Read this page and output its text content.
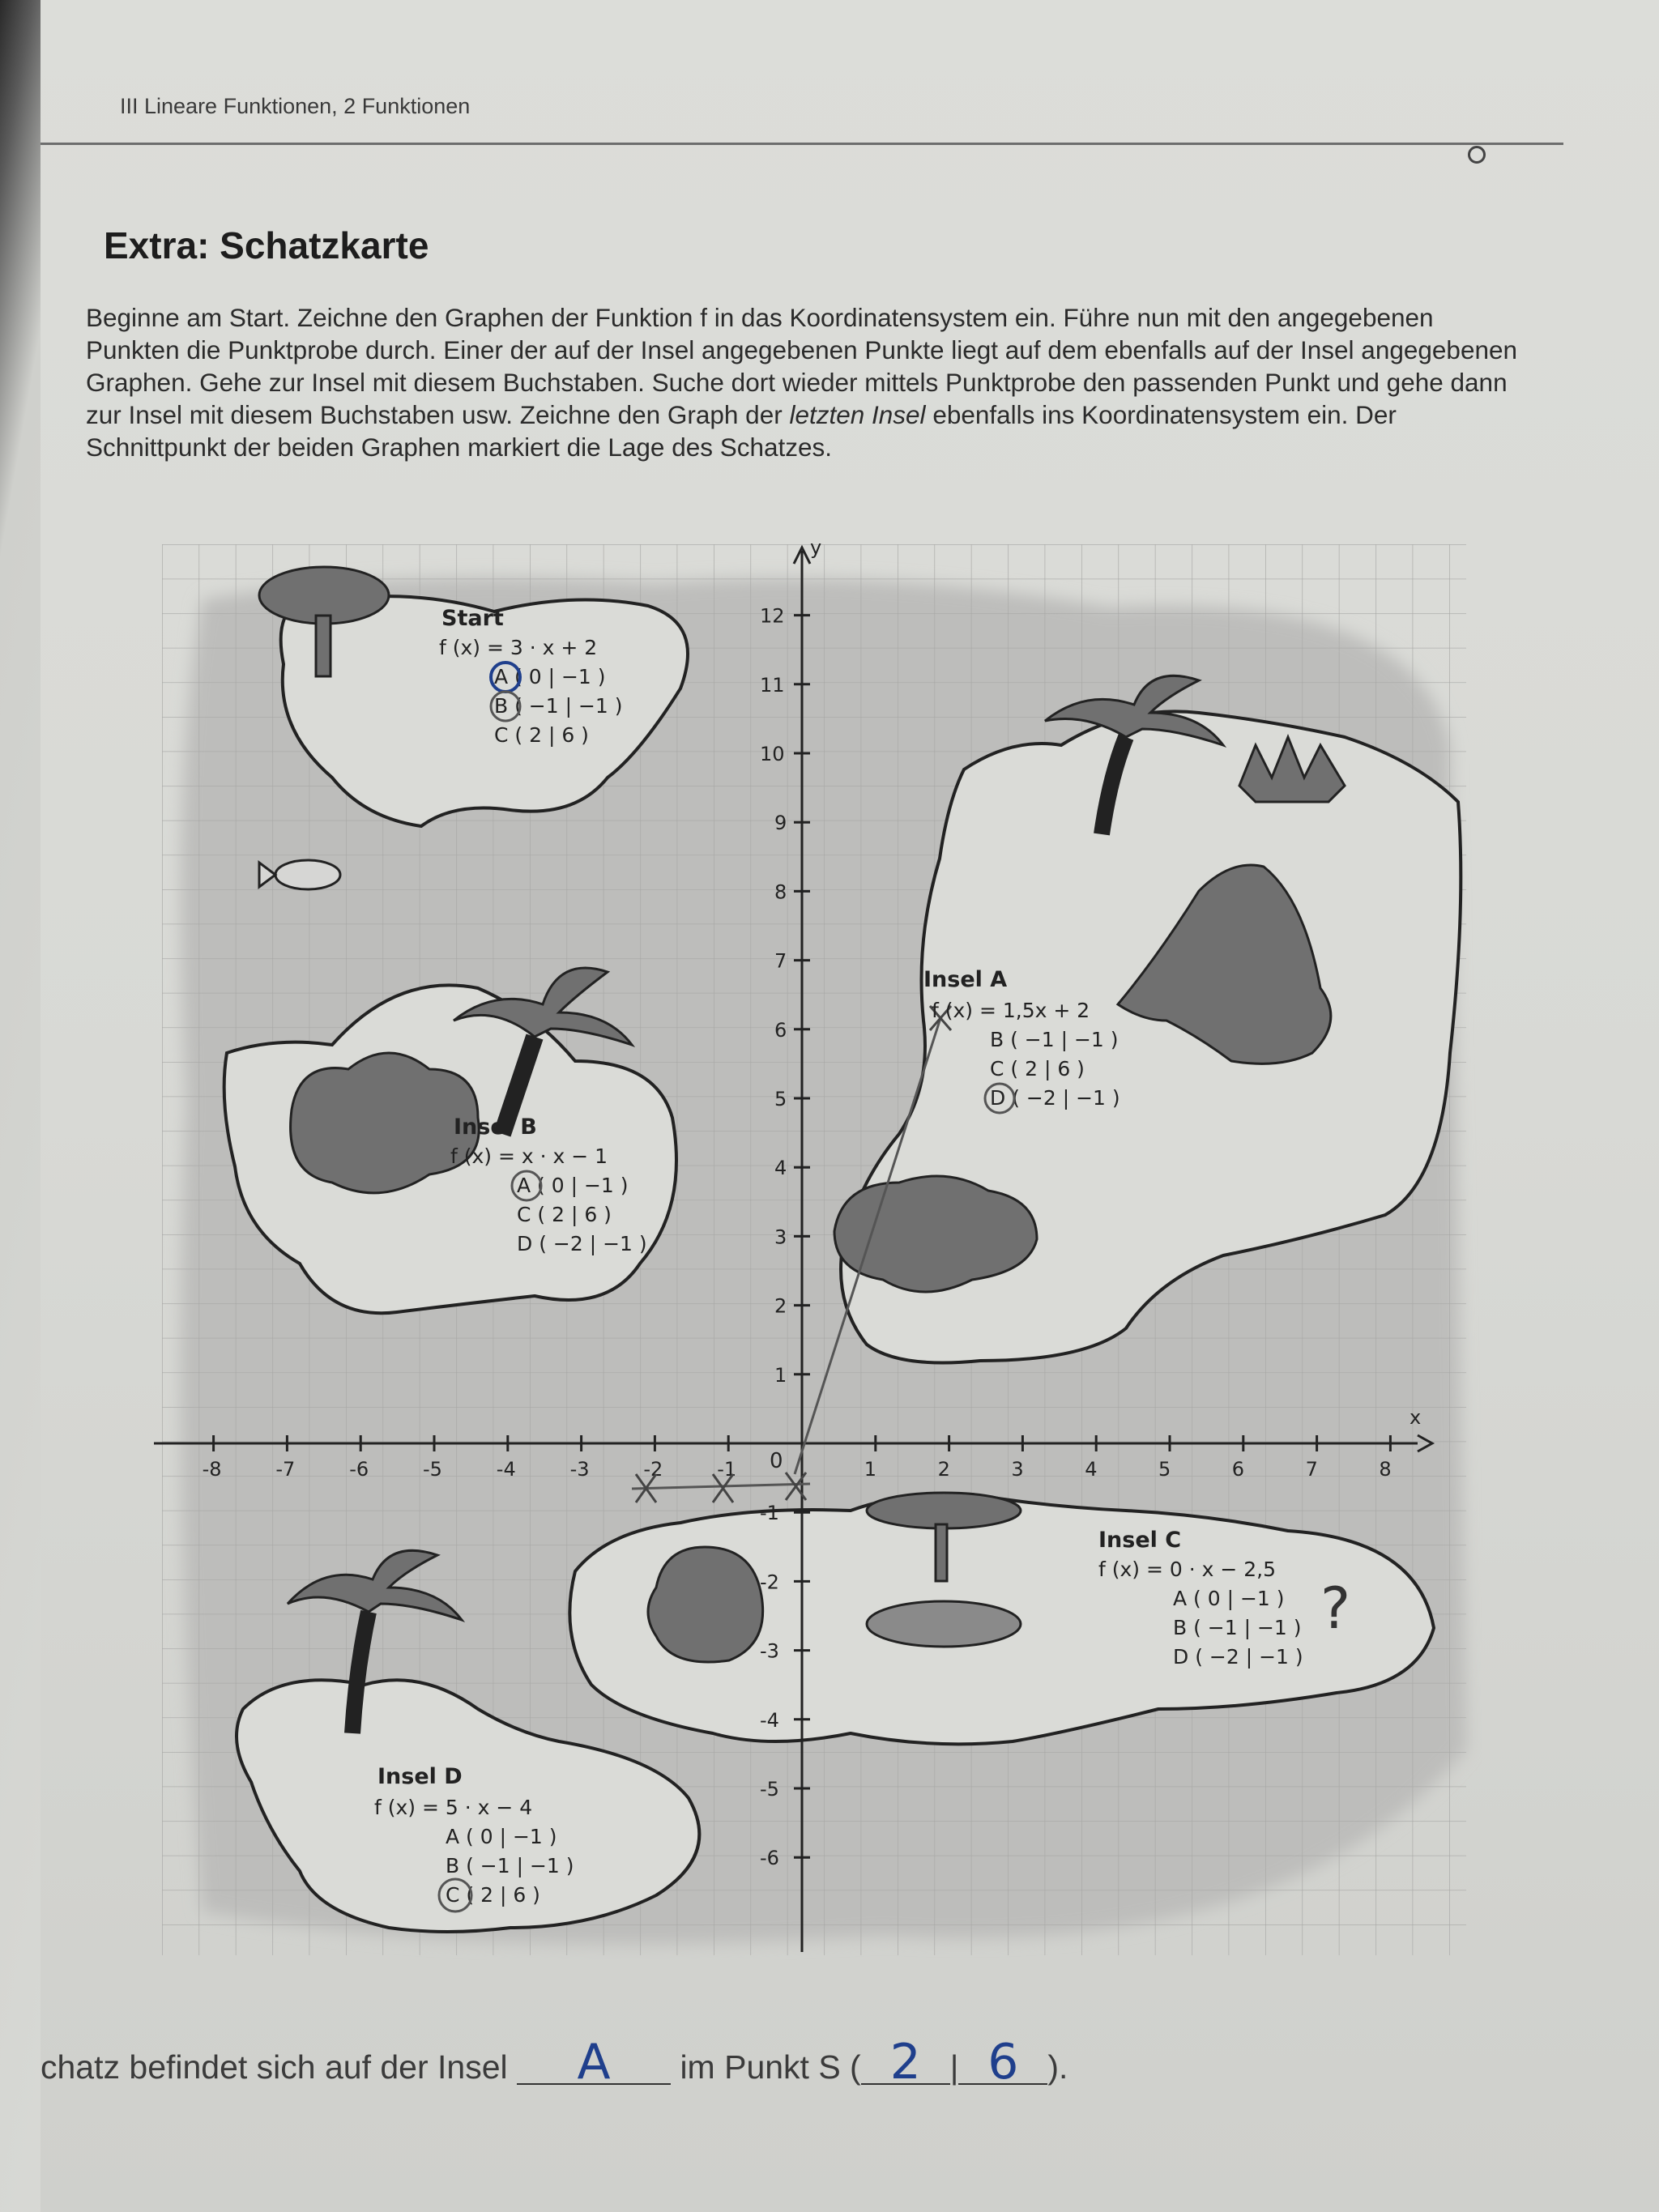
III Lineare Funktionen, 2 Funktionen
Extra: Schatzkarte
Beginne am Start. Zeichne den Graphen der Funktion f in das Koordinatensystem ein. Führe nun mit den angegebenen Punkten die Punktprobe durch. Einer der auf der Insel angegebenen Punkte liegt auf dem ebenfalls auf der Insel angegebenen Graphen. Gehe zur Insel mit diesem Buchstaben. Suche dort wieder mittels Punktprobe den passenden Punkt und gehe dann zur Insel mit diesem Buchstaben usw. Zeichne den Graph der letzten Insel ebenfalls ins Koordinatensystem ein. Der Schnittpunkt der beiden Graphen markiert die Lage des Schatzes.
-8	-7	-6	-5	-4	-3	-2	-1	1	2	3	4	5	6	7	8
1
2
3
4
5
6
7
8
9
10
11
12
-1
-2
-3
-4
-5
-6
x
y
0
Start
f (x) = 3 · x + 2
A ( 0 | −1 )
B ( −1 | −1 )
C ( 2 | 6 )
Insel A
f (x) = 1,5x + 2
B ( −1 | −1 )
C ( 2 | 6 )
D ( −2 | −1 )
Insel B
f (x) = x · x − 1
A ( 0 | −1 )
C ( 2 | 6 )
D ( −2 | −1 )
Insel C
f (x) = 0 · x − 2,5
A ( 0 | −1 )
B ( −1 | −1 )
D ( −2 | −1 )
?
Insel D
f (x) = 5 · x − 4
A ( 0 | −1 )
B ( −1 | −1 )
C ( 2 | 6 )
chatz befindet sich auf der Insel A im Punkt S ( 2 | 6 ).
